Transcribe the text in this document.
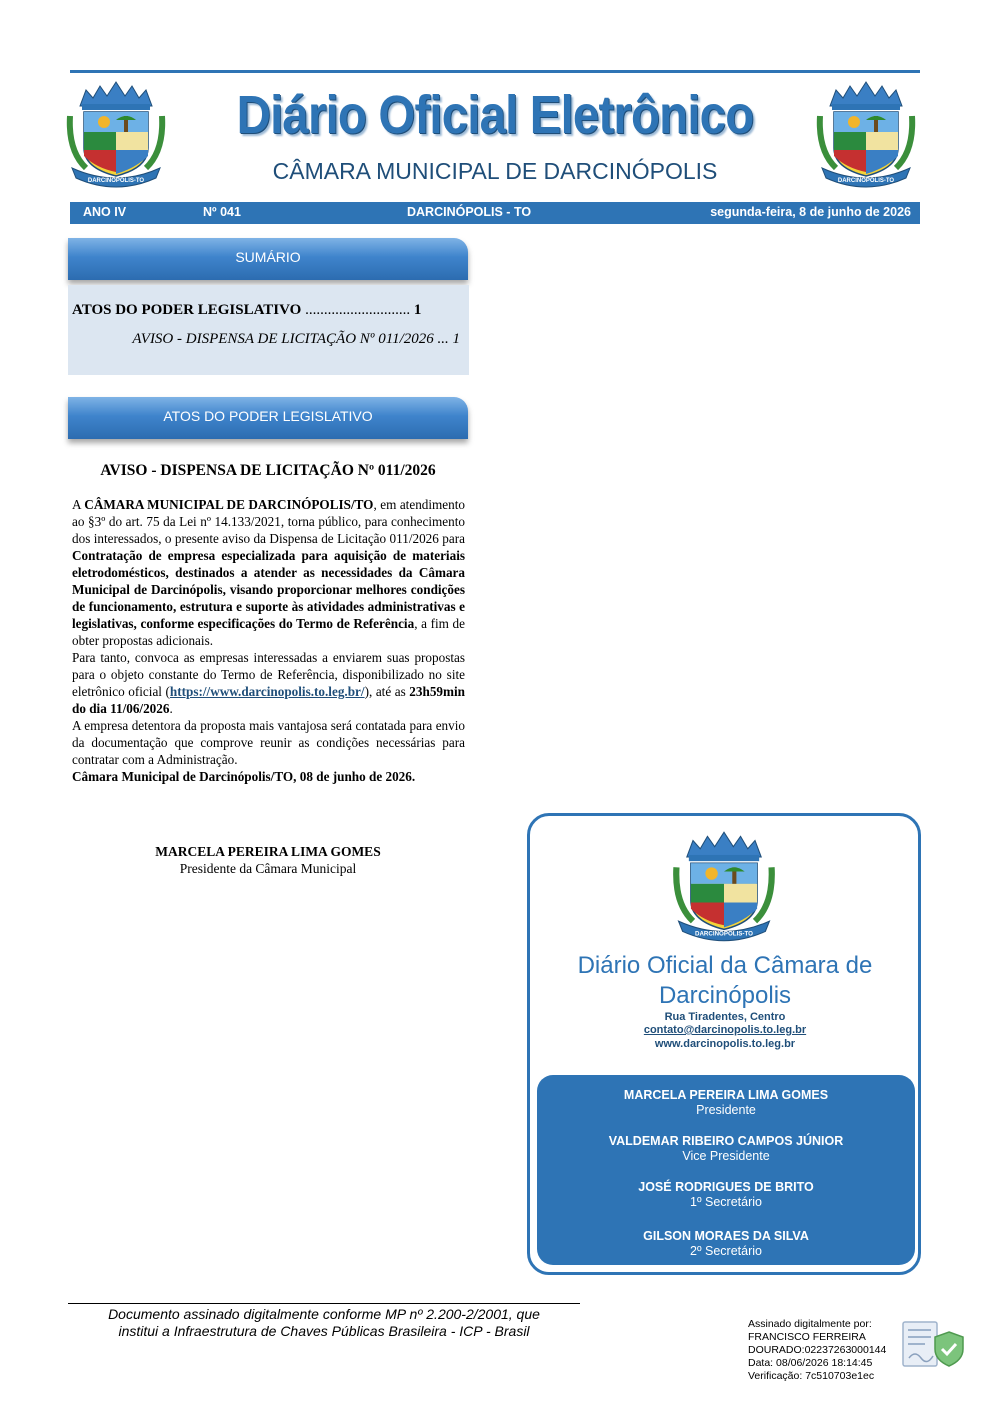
Diário Oficial Eletrônico
CÂMARA MUNICIPAL DE DARCINÓPOLIS
ANO IV	Nº 041	DARCINÓPOLIS - TO	segunda-feira, 8 de junho de 2026
SUMÁRIO
ATOS DO PODER LEGISLATIVO ............................ 1
AVISO - DISPENSA DE LICITAÇÃO Nº 011/2026 ... 1
ATOS DO PODER LEGISLATIVO
AVISO - DISPENSA DE LICITAÇÃO Nº 011/2026

A CÂMARA MUNICIPAL DE DARCINÓPOLIS/TO, em atendimento ao §3º do art. 75 da Lei nº 14.133/2021, torna público, para conhecimento dos interessados, o presente aviso da Dispensa de Licitação 011/2026 para Contratação de empresa especializada para aquisição de materiais eletrodomésticos, destinados a atender as necessidades da Câmara Municipal de Darcinópolis, visando proporcionar melhores condições de funcionamento, estrutura e suporte às atividades administrativas e legislativas, conforme especificações do Termo de Referência, a fim de obter propostas adicionais.

Para tanto, convoca as empresas interessadas a enviarem suas propostas para o objeto constante do Termo de Referência, disponibilizado no site eletrônico oficial (https://www.darcinopolis.to.leg.br/), até as 23h59min do dia 11/06/2026.

A empresa detentora da proposta mais vantajosa será contatada para envio da documentação que comprove reunir as condições necessárias para contratar com a Administração.

Câmara Municipal de Darcinópolis/TO, 08 de junho de 2026.

MARCELA PEREIRA LIMA GOMES
Presidente da Câmara Municipal
Diário Oficial da Câmara de
Darcinópolis
Rua Tiradentes, Centro
contato@darcinopolis.to.leg.br
www.darcinopolis.to.leg.br
MARCELA PEREIRA LIMA GOMES
Presidente
VALDEMAR RIBEIRO CAMPOS JÚNIOR
Vice Presidente
JOSÉ RODRIGUES DE BRITO
1º Secretário
GILSON MORAES DA SILVA
2º Secretário
Documento assinado digitalmente conforme MP nº 2.200-2/2001, que
institui a Infraestrutura de Chaves Públicas Brasileira - ICP - Brasil	Assinado digitalmente por:
FRANCISCO FERREIRA
DOURADO:02237263000144
Data: 08/06/2026 18:14:45
Verificação: 7c510703e1ec
